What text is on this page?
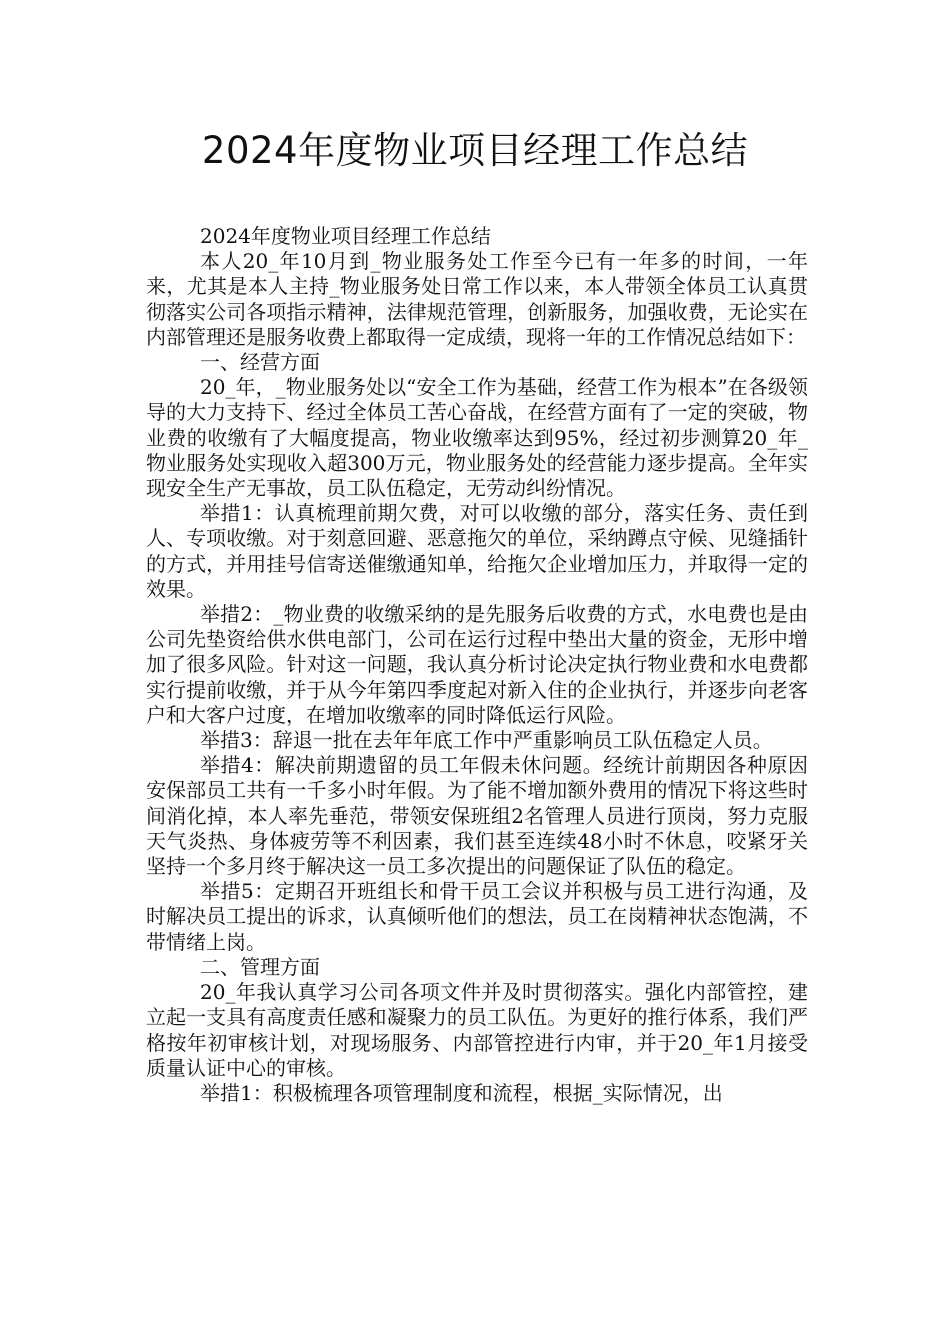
2024年度物业项目经理工作总结

2024年度物业项目经理工作总结

本人20_年10月到_物业服务处工作至今已有一年多的时间，一年来，尤其是本人主持_物业服务处日常工作以来，本人带领全体员工认真贯彻落实公司各项指示精神，法律规范管理，创新服务，加强收费，无论实在内部管理还是服务收费上都取得一定成绩，现将一年的工作情况总结如下：

一、经营方面

20_年，_物业服务处以“安全工作为基础，经营工作为根本”在各级领导的大力支持下、经过全体员工苦心奋战，在经营方面有了一定的突破，物业费的收缴有了大幅度提高，物业收缴率达到95%，经过初步测算20_年_物业服务处实现收入超300万元，物业服务处的经营能力逐步提高。全年实现安全生产无事故，员工队伍稳定，无劳动纠纷情况。

举措1：认真梳理前期欠费，对可以收缴的部分，落实任务、责任到人、专项收缴。对于刻意回避、恶意拖欠的单位，采纳蹲点守候、见缝插针的方式，并用挂号信寄送催缴通知单，给拖欠企业增加压力，并取得一定的效果。

举措2：_物业费的收缴采纳的是先服务后收费的方式，水电费也是由公司先垫资给供水供电部门，公司在运行过程中垫出大量的资金，无形中增加了很多风险。针对这一问题，我认真分析讨论决定执行物业费和水电费都实行提前收缴，并于从今年第四季度起对新入住的企业执行，并逐步向老客户和大客户过度，在增加收缴率的同时降低运行风险。

举措3：辞退一批在去年年底工作中严重影响员工队伍稳定人员。

举措4：解决前期遗留的员工年假未休问题。经统计前期因各种原因安保部员工共有一千多小时年假。为了能不增加额外费用的情况下将这些时间消化掉，本人率先垂范，带领安保班组2名管理人员进行顶岗，努力克服天气炎热、身体疲劳等不利因素，我们甚至连续48小时不休息，咬紧牙关坚持一个多月终于解决这一员工多次提出的问题保证了队伍的稳定。

举措5：定期召开班组长和骨干员工会议并积极与员工进行沟通，及时解决员工提出的诉求，认真倾听他们的想法，员工在岗精神状态饱满，不带情绪上岗。

二、管理方面

20_年我认真学习公司各项文件并及时贯彻落实。强化内部管控，建立起一支具有高度责任感和凝聚力的员工队伍。为更好的推行体系，我们严格按年初审核计划，对现场服务、内部管控进行内审，并于20_年1月接受质量认证中心的审核。

举措1：积极梳理各项管理制度和流程，根据_实际情况，出
